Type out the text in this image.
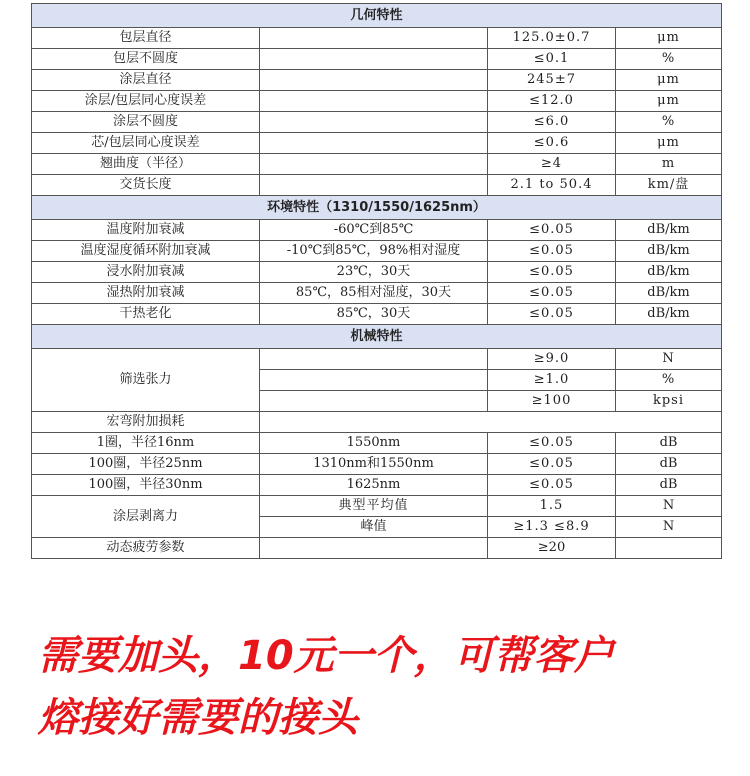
几何特性			
包层直径		125.0±0.7	μm
包层不圆度		≤0.1	%
涂层直径		245±7	μm
涂层/包层同心度误差		≤12.0	μm
涂层不圆度		≤6.0	%
芯/包层同心度误差		≤0.6	μm
翘曲度（半径）		≥4	m
交货长度		2.1 to 50.4	km/盘
环境特性（1310/1550/1625nm）			
温度附加衰减	-60℃到85℃	≤0.05	dB/km
温度湿度循环附加衰减	-10℃到85℃，98%相对湿度	≤0.05	dB/km
浸水附加衰减	23℃，30天	≤0.05	dB/km
湿热附加衰减	85℃，85相对湿度，30天	≤0.05	dB/km
干热老化	85℃，30天	≤0.05	dB/km
机械特性			
筛选张力		≥9.0	N
		≥1.0	%
		≥100	kpsi
宏弯附加损耗			
1圈，半径16nm	1550nm	≤0.05	dB
100圈，半径25nm	1310nm和1550nm	≤0.05	dB
100圈，半径30nm	1625nm	≤0.05	dB
涂层剥离力	典型平均值	1.5	N
	峰值	≥1.3 ≤8.9	N
动态疲劳参数		≥20	
需要加头，10元一个，可帮客户
熔接好需要的接头
